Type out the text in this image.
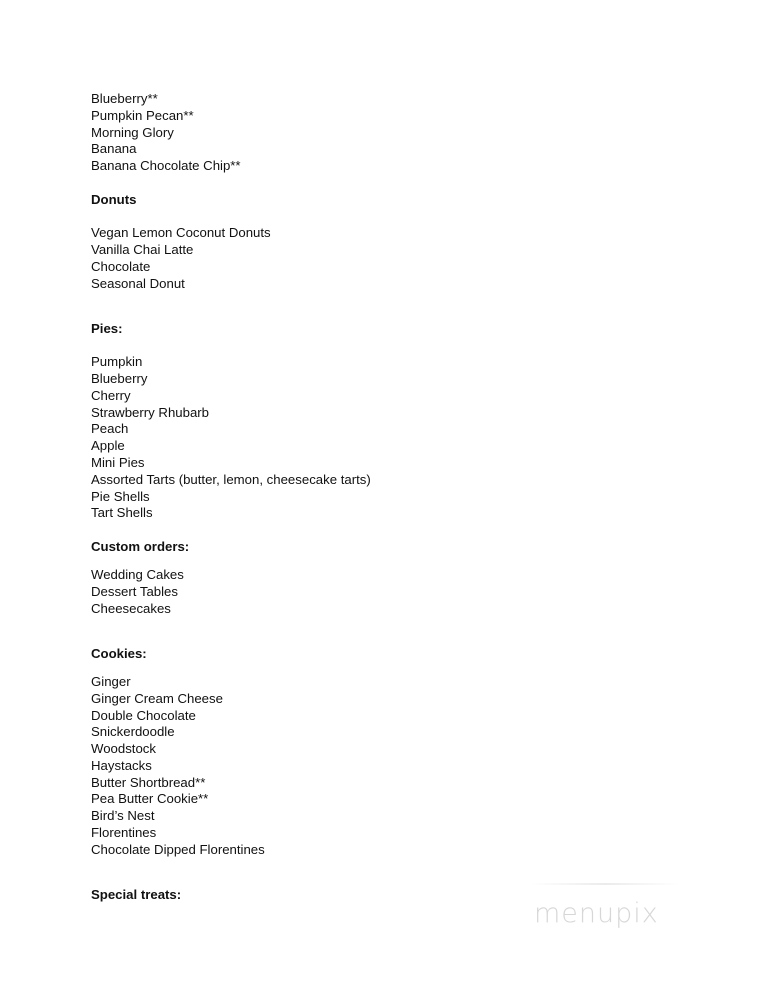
Blueberry**
Pumpkin Pecan**
Morning Glory
Banana
Banana Chocolate Chip**
Donuts
Vegan Lemon Coconut Donuts
Vanilla Chai Latte
Chocolate
Seasonal Donut
Pies:
Pumpkin
Blueberry
Cherry
Strawberry Rhubarb
Peach
Apple
Mini Pies
Assorted Tarts (butter, lemon, cheesecake tarts)
Pie Shells
Tart Shells
Custom orders:
Wedding Cakes
Dessert Tables
Cheesecakes
Cookies:
Ginger
Ginger Cream Cheese
Double Chocolate
Snickerdoodle
Woodstock
Haystacks
Butter Shortbread**
Pea Butter Cookie**
Bird’s Nest
Florentines
Chocolate Dipped Florentines
Special treats:
menupix
